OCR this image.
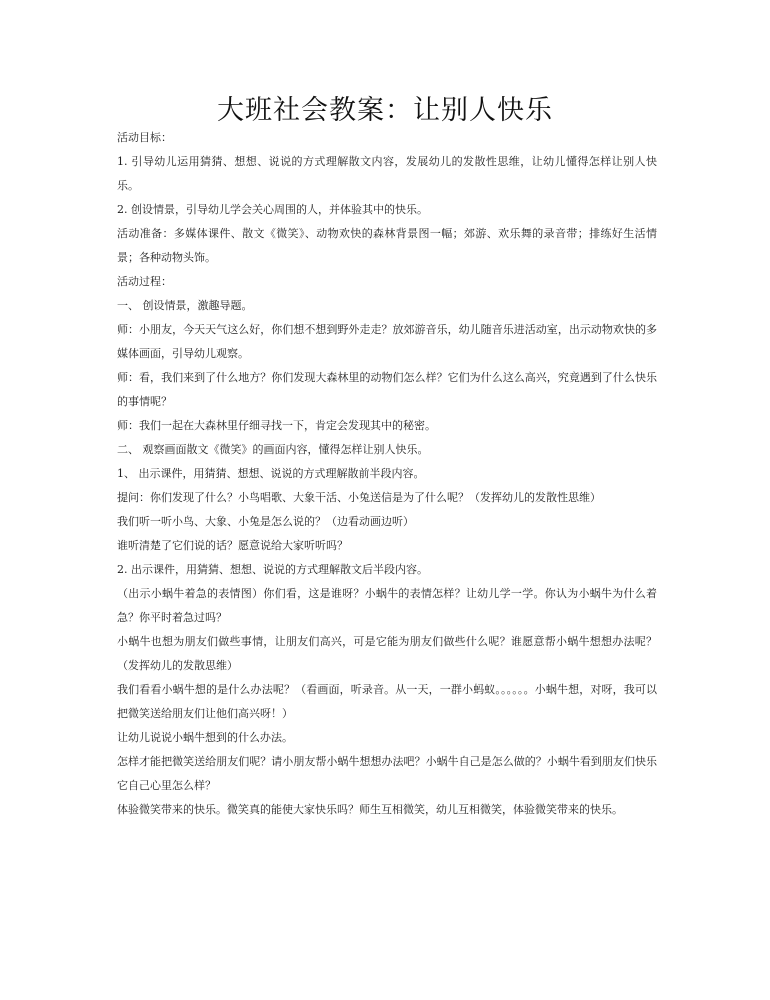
大班社会教案：让别人快乐

活动目标：

1. 引导幼儿运用猜猜、想想、说说的方式理解散文内容，发展幼儿的发散性思维，让幼儿懂得怎样让别人快乐。

2. 创设情景，引导幼儿学会关心周围的人，并体验其中的快乐。

活动准备：多媒体课件、散文《微笑》、动物欢快的森林背景图一幅；郊游、欢乐舞的录音带；排练好生活情景；各种动物头饰。

活动过程：

一、 创设情景，激趣导题。

师：小朋友，今天天气这么好，你们想不想到野外走走？放郊游音乐，幼儿随音乐进活动室，出示动物欢快的多媒体画面，引导幼儿观察。

师：看，我们来到了什么地方？你们发现大森林里的动物们怎么样？它们为什么这么高兴，究竟遇到了什么快乐的事情呢？

师：我们一起在大森林里仔细寻找一下，肯定会发现其中的秘密。

二、 观察画面散文《微笑》的画面内容，懂得怎样让别人快乐。

1、 出示课件，用猜猜、想想、说说的方式理解散前半段内容。

提问：你们发现了什么？小鸟唱歌、大象干活、小兔送信是为了什么呢？（发挥幼儿的发散性思维）

我们听一听小鸟、大象、小兔是怎么说的？（边看动画边听）

谁听清楚了它们说的话？愿意说给大家听听吗？

2. 出示课件，用猜猜、想想、说说的方式理解散文后半段内容。

（出示小蜗牛着急的表情图）你们看，这是谁呀？小蜗牛的表情怎样？让幼儿学一学。你认为小蜗牛为什么着急？你平时着急过吗？

小蜗牛也想为朋友们做些事情，让朋友们高兴，可是它能为朋友们做些什么呢？谁愿意帮小蜗牛想想办法呢？（发挥幼儿的发散思维）

我们看看小蜗牛想的是什么办法呢？（看画面，听录音。从一天，一群小蚂蚁。。。。。。小蜗牛想，对呀，我可以把微笑送给朋友们让他们高兴呀！）

让幼儿说说小蜗牛想到的什么办法。

怎样才能把微笑送给朋友们呢？请小朋友帮小蜗牛想想办法吧？小蜗牛自己是怎么做的？小蜗牛看到朋友们快乐它自己心里怎么样？

体验微笑带来的快乐。微笑真的能使大家快乐吗？师生互相微笑，幼儿互相微笑，体验微笑带来的快乐。
